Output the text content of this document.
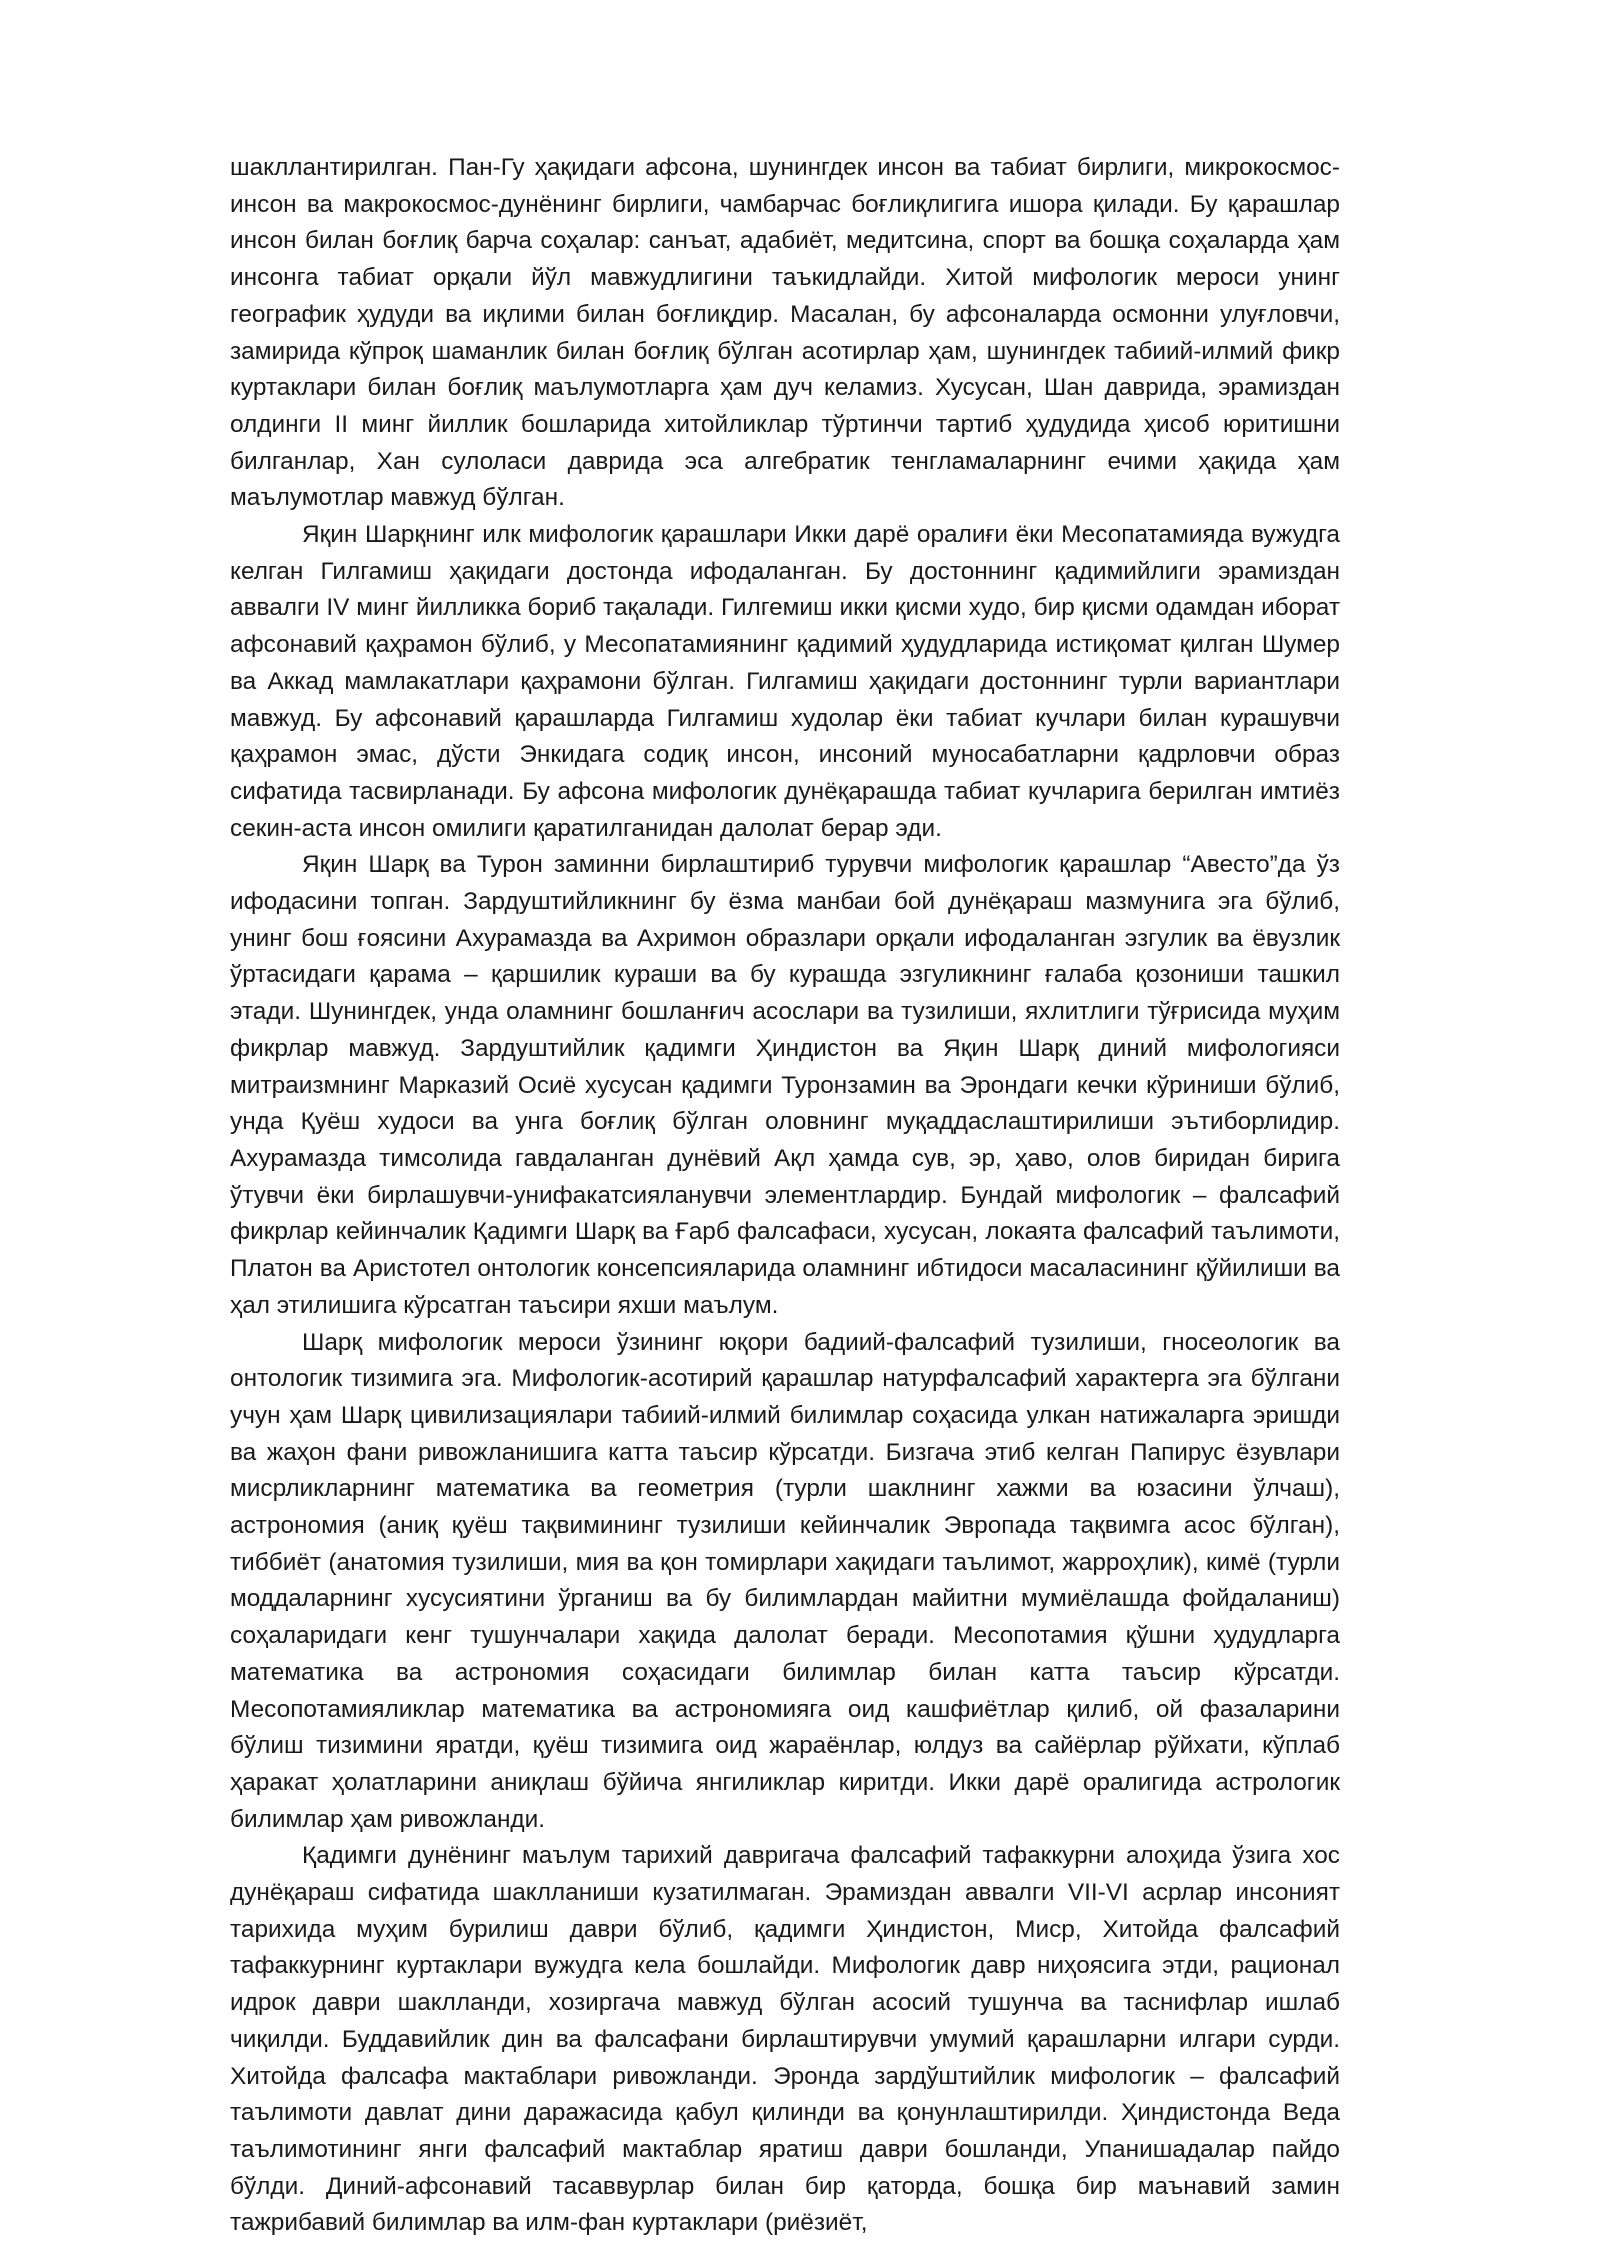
шакллантирилган. Пан-Гу ҳақидаги афсона, шунингдек инсон ва табиат бирлиги, микрокосмос-инсон ва макрокосмос-дунёнинг бирлиги, чамбарчас боғлиқлигига ишора қилади. Бу қарашлар инсон билан боғлиқ барча соҳалар: санъат, адабиёт, медитсина, спорт ва бошқа соҳаларда ҳам инсонга табиат орқали йўл мавжудлигини таъкидлайди. Хитой мифологик мероси унинг географик ҳудуди ва иқлими билан боғлиқдир. Масалан, бу афсоналарда осмонни улуғловчи, замирида кўпроқ шаманлик билан боғлиқ бўлган асотирлар ҳам, шунингдек табиий-илмий фикр куртаклари билан боғлиқ маълумотларга ҳам дуч келамиз. Хусусан, Шан даврида, эрамиздан олдинги II минг йиллик бошларида хитойликлар тўртинчи тартиб ҳудудида ҳисоб юритишни билганлар, Хан сулоласи даврида эса алгебратик тенгламаларнинг ечими ҳақида ҳам маълумотлар мавжуд бўлган.

Яқин Шарқнинг илк мифологик қарашлари Икки дарё оралиғи ёки Месопатамияда вужудга келган Гилгамиш ҳақидаги достонда ифодаланган. Бу достоннинг қадимийлиги эрамиздан аввалги IV минг йилликка бориб тақалади. Гилгемиш икки қисми худо, бир қисми одамдан иборат афсонавий қаҳрамон бўлиб, у Месопатамиянинг қадимий ҳудудларида истиқомат қилган Шумер ва Аккад мамлакатлари қаҳрамони бўлган. Гилгамиш ҳақидаги достоннинг турли вариантлари мавжуд. Бу афсонавий қарашларда Гилгамиш худолар ёки табиат кучлари билан курашувчи қаҳрамон эмас, дўсти Энкидага содиқ инсон, инсоний муносабатларни қадрловчи образ сифатида тасвирланади. Бу афсона мифологик дунёқарашда табиат кучларига берилган имтиёз секин-аста инсон омилиги қаратилганидан далолат берар эди.

Яқин Шарқ ва Турон заминни бирлаштириб турувчи мифологик қарашлар “Авесто”да ўз ифодасини топган. Зардуштийликнинг бу ёзма манбаи бой дунёқараш мазмунига эга бўлиб, унинг бош ғоясини Ахурамазда ва Ахримон образлари орқали ифодаланган эзгулик ва ёвузлик ўртасидаги қарама – қаршилик кураши ва бу курашда эзгуликнинг ғалаба қозониши ташкил этади. Шунингдек, унда оламнинг бошланғич асослари ва тузилиши, яхлитлиги тўғрисида муҳим фикрлар мавжуд. Зардуштийлик қадимги Ҳиндистон ва Яқин Шарқ диний мифологияси митраизмнинг Марказий Осиё хусусан қадимги Туронзамин ва Эрондаги кечки кўриниши бўлиб, унда Қуёш худоси ва унга боғлиқ бўлган оловнинг муқаддаслаштирилиши эътиборлидир. Ахурамазда тимсолида гавдаланган дунёвий Ақл ҳамда сув, эр, ҳаво, олов биридан бирига ўтувчи ёки бирлашувчи-унифакатсияланувчи элементлардир. Бундай мифологик – фалсафий фикрлар кейинчалик Қадимги Шарқ ва Ғарб фалсафаси, хусусан, локаята фалсафий таълимоти, Платон ва Аристотел онтологик консепсияларида оламнинг ибтидоси масаласининг қўйилиши ва ҳал этилишига кўрсатган таъсири яхши маълум.

Шарқ мифологик мероси ўзининг юқори бадиий-фалсафий тузилиши, гносеологик ва онтологик тизимига эга. Мифологик-асотирий қарашлар натурфалсафий характерга эга бўлгани учун ҳам Шарқ цивилизациялари табиий-илмий билимлар соҳасида улкан натижаларга эришди ва жаҳон фани ривожланишига катта таъсир кўрсатди. Бизгача этиб келган Папирус ёзувлари мисрликларнинг математика ва геометрия (турли шаклнинг хажми ва юзасини ўлчаш), астрономия (аниқ қуёш тақвимининг тузилиши кейинчалик Эвропада тақвимга асос бўлган), тиббиёт (анатомия тузилиши, мия ва қон томирлари хақидаги таълимот, жарроҳлик), кимё (турли моддаларнинг хусусиятини ўрганиш ва бу билимлардан майитни мумиёлашда фойдаланиш) соҳаларидаги кенг тушунчалари хақида далолат беради. Месопотамия қўшни ҳудудларга математика ва астрономия соҳасидаги билимлар билан катта таъсир кўрсатди. Месопотамияликлар математика ва астрономияга оид кашфиётлар қилиб, ой фазаларини бўлиш тизимини яратди, қуёш тизимига оид жараёнлар, юлдуз ва сайёрлар рўйхати, кўплаб ҳаракат ҳолатларини аниқлаш бўйича янгиликлар киритди. Икки дарё оралигида астрологик билимлар ҳам ривожланди.

Қадимги дунёнинг маълум тарихий давригача фалсафий тафаккурни алоҳида ўзига хос дунёқараш сифатида шаклланиши кузатилмаган. Эрамиздан аввалги VII-VI асрлар инсоният тарихида муҳим бурилиш даври бўлиб, қадимги Ҳиндистон, Миср, Хитойда фалсафий тафаккурнинг куртаклари вужудга кела бошлайди. Мифологик давр ниҳоясига этди, рационал идрок даври шаклланди, хозиргача мавжуд бўлган асосий тушунча ва таснифлар ишлаб чиқилди. Буддавийлик дин ва фалсафани бирлаштирувчи умумий қарашларни илгари сурди. Хитойда фалсафа мактаблари ривожланди. Эронда зардўштийлик мифологик – фалсафий таълимоти давлат дини даражасида қабул қилинди ва қонунлаштирилди. Ҳиндистонда Веда таълимотининг янги фалсафий мактаблар яратиш даври бошланди, Упанишадалар пайдо бўлди. Диний-афсонавий тасаввурлар билан бир қаторда, бошқа бир маънавий замин тажрибавий билимлар ва илм-фан куртаклари (риёзиёт,
